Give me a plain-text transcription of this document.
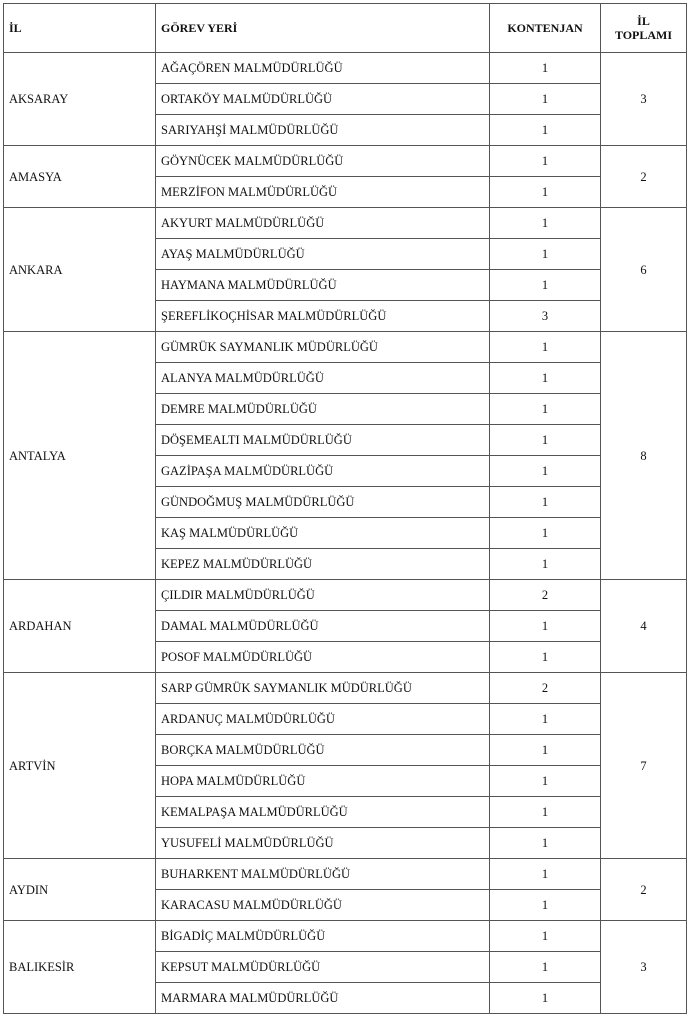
İL	GÖREV YERİ	KONTENJAN	İL
TOPLAMI
AKSARAY	AĞAÇÖREN MALMÜDÜRLÜĞÜ	1	3
	ORTAKÖY MALMÜDÜRLÜĞÜ	1	
	SARIYAHŞİ MALMÜDÜRLÜĞÜ	1	
AMASYA	GÖYNÜCEK MALMÜDÜRLÜĞÜ	1	2
	MERZİFON MALMÜDÜRLÜĞÜ	1	
ANKARA	AKYURT MALMÜDÜRLÜĞÜ	1	6
	AYAŞ MALMÜDÜRLÜĞÜ	1	
	HAYMANA MALMÜDÜRLÜĞÜ	1	
	ŞEREFLİKOÇHİSAR MALMÜDÜRLÜĞÜ	3	
ANTALYA	GÜMRÜK SAYMANLIK MÜDÜRLÜĞÜ	1	8
	ALANYA MALMÜDÜRLÜĞÜ	1	
	DEMRE MALMÜDÜRLÜĞÜ	1	
	DÖŞEMEALTI MALMÜDÜRLÜĞÜ	1	
	GAZİPAŞA MALMÜDÜRLÜĞÜ	1	
	GÜNDOĞMUŞ MALMÜDÜRLÜĞÜ	1	
	KAŞ MALMÜDÜRLÜĞÜ	1	
	KEPEZ MALMÜDÜRLÜĞÜ	1	
ARDAHAN	ÇILDIR MALMÜDÜRLÜĞÜ	2	4
	DAMAL MALMÜDÜRLÜĞÜ	1	
	POSOF MALMÜDÜRLÜĞÜ	1	
ARTVİN	SARP GÜMRÜK SAYMANLIK MÜDÜRLÜĞÜ	2	7
	ARDANUÇ MALMÜDÜRLÜĞÜ	1	
	BORÇKA MALMÜDÜRLÜĞÜ	1	
	HOPA MALMÜDÜRLÜĞÜ	1	
	KEMALPAŞA MALMÜDÜRLÜĞÜ	1	
	YUSUFELİ MALMÜDÜRLÜĞÜ	1	
AYDIN	BUHARKENT MALMÜDÜRLÜĞÜ	1	2
	KARACASU MALMÜDÜRLÜĞÜ	1	
BALIKESİR	BİGADİÇ MALMÜDÜRLÜĞÜ	1	3
	KEPSUT MALMÜDÜRLÜĞÜ	1	
	MARMARA MALMÜDÜRLÜĞÜ	1	
